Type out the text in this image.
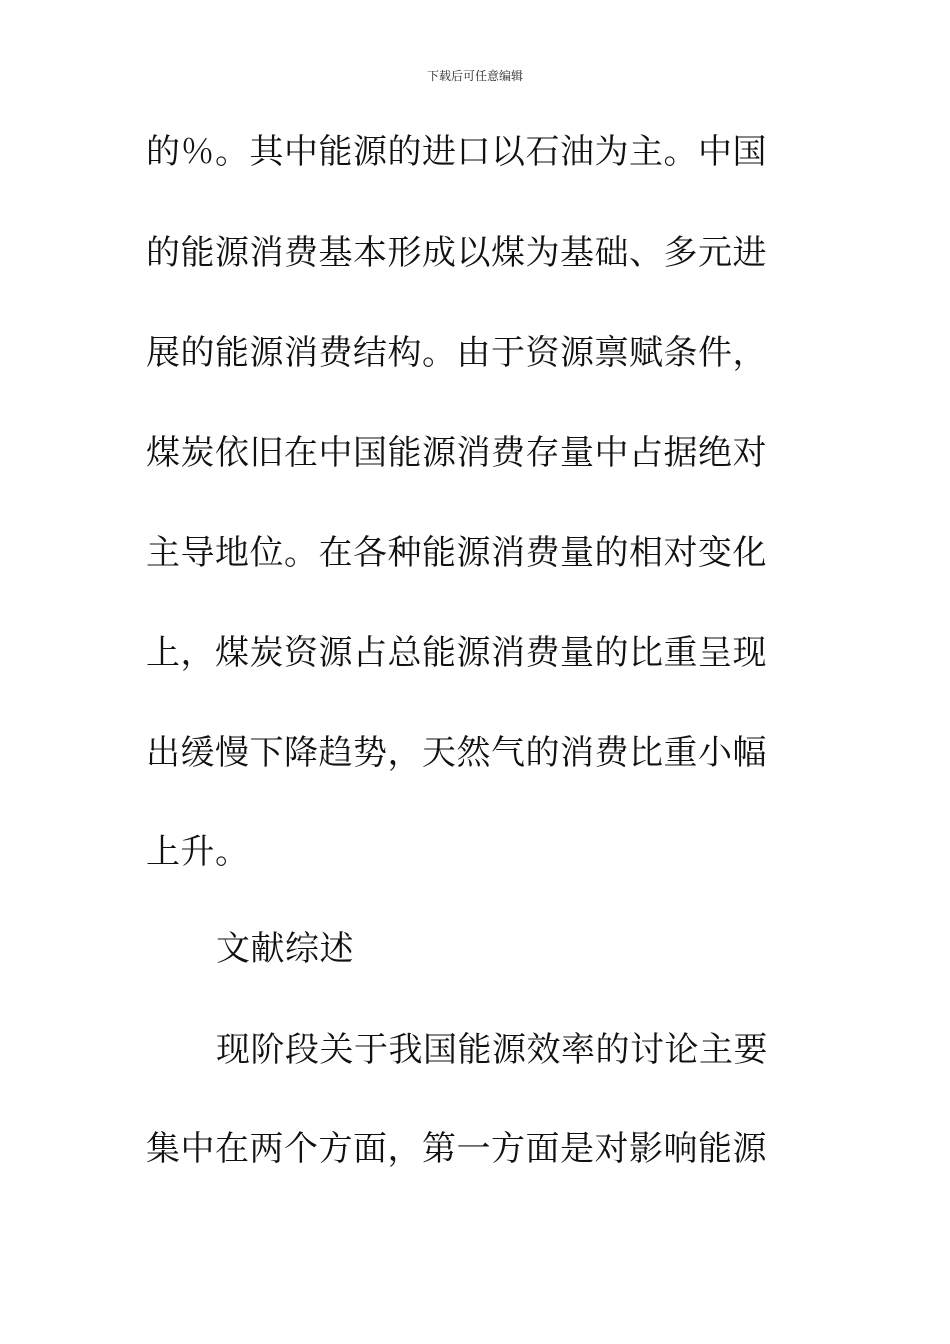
下载后可任意编辑
的％。其中能源的进口以石油为主。中国
的能源消费基本形成以煤为基础、多元进
展的能源消费结构。由于资源禀赋条件，
煤炭依旧在中国能源消费存量中占据绝对
主导地位。在各种能源消费量的相对变化
上，煤炭资源占总能源消费量的比重呈现
出缓慢下降趋势，天然气的消费比重小幅
上升。
文献综述
现阶段关于我国能源效率的讨论主要
集中在两个方面，第一方面是对影响能源
